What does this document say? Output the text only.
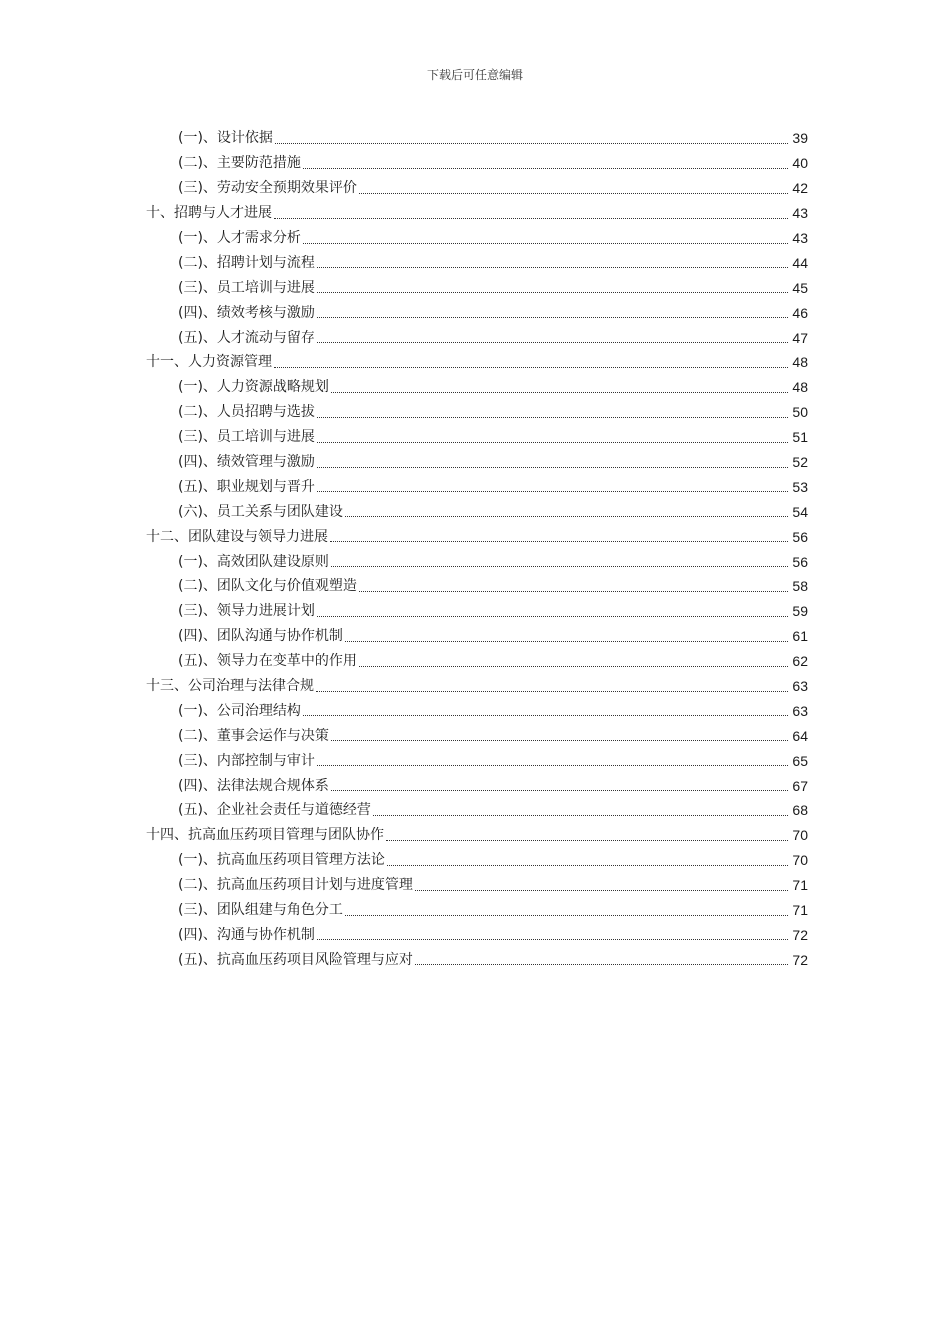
下载后可任意编辑
(一)、设计依据	39
(二)、主要防范措施	40
(三)、劳动安全预期效果评价	42
十、招聘与人才进展	43
(一)、人才需求分析	43
(二)、招聘计划与流程	44
(三)、员工培训与进展	45
(四)、绩效考核与激励	46
(五)、人才流动与留存	47
十一、人力资源管理	48
(一)、人力资源战略规划	48
(二)、人员招聘与选拔	50
(三)、员工培训与进展	51
(四)、绩效管理与激励	52
(五)、职业规划与晋升	53
(六)、员工关系与团队建设	54
十二、团队建设与领导力进展	56
(一)、高效团队建设原则	56
(二)、团队文化与价值观塑造	58
(三)、领导力进展计划	59
(四)、团队沟通与协作机制	61
(五)、领导力在变革中的作用	62
十三、公司治理与法律合规	63
(一)、公司治理结构	63
(二)、董事会运作与决策	64
(三)、内部控制与审计	65
(四)、法律法规合规体系	67
(五)、企业社会责任与道德经营	68
十四、抗高血压药项目管理与团队协作	70
(一)、抗高血压药项目管理方法论	70
(二)、抗高血压药项目计划与进度管理	71
(三)、团队组建与角色分工	71
(四)、沟通与协作机制	72
(五)、抗高血压药项目风险管理与应对	72
